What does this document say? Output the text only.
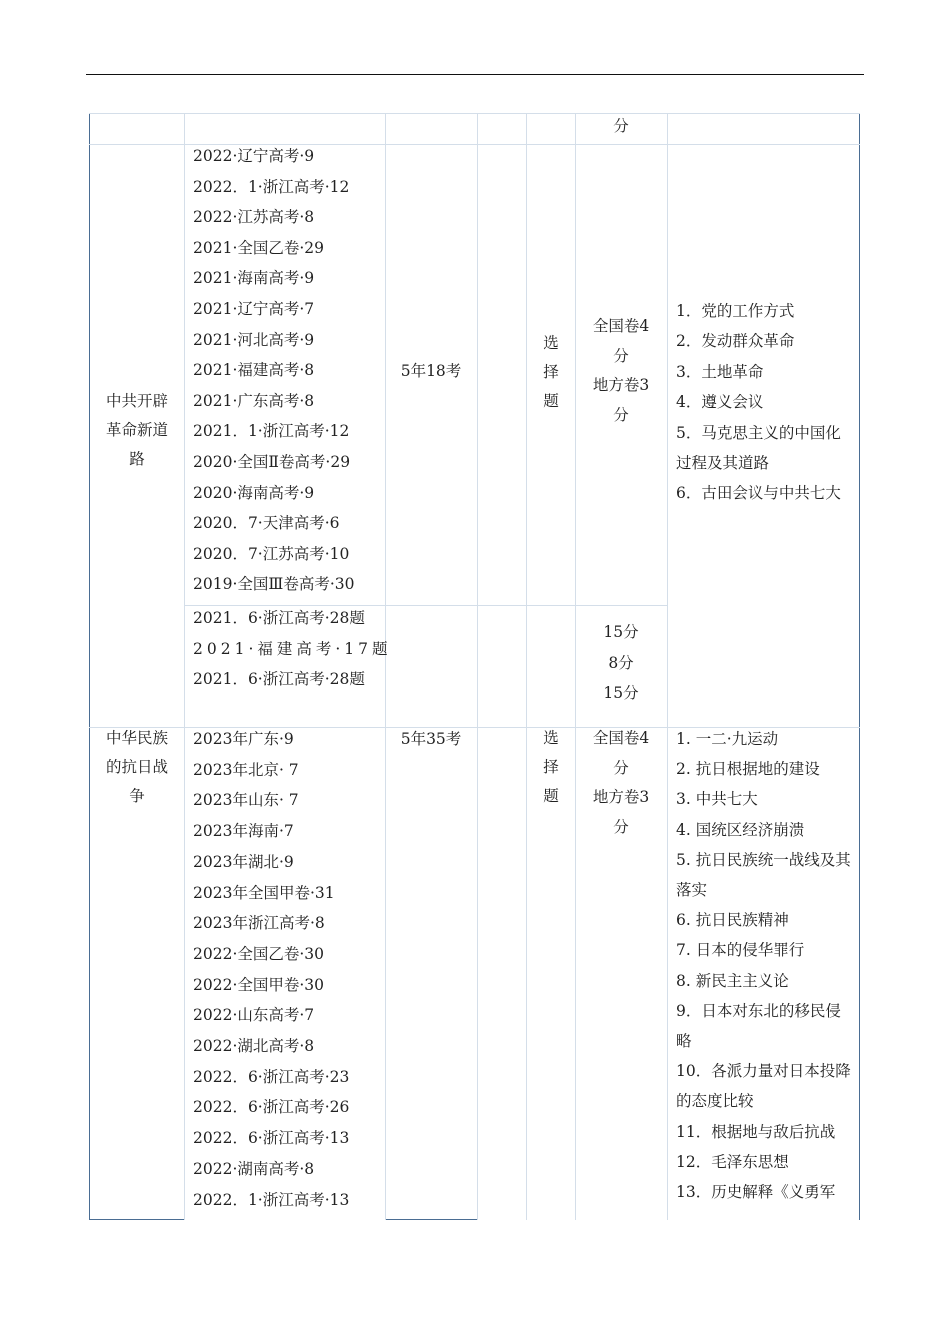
分
中共开辟革命新道路
2022·辽宁高考·9
2022．1·浙江高考·12
2022·江苏高考·8
2021·全国乙卷·29
2021·海南高考·9
2021·辽宁高考·7
2021·河北高考·9
2021·福建高考·8
2021·广东高考·8
2021．1·浙江高考·12
2020·全国Ⅱ卷高考·29
2020·海南高考·9
2020．7·天津高考·6
2020．7·江苏高考·10
2019·全国Ⅲ卷高考·30
5年18考
选择题
全国卷4
分
地方卷3
分
2021．6·浙江高考·28题
2021·福建高考·17题
2021．6·浙江高考·28题
15分
8分
15分
1．党的工作方式
2．发动群众革命
3．土地革命
4．遵义会议
5．马克思主义的中国化过程及其道路
6．古田会议与中共七大
中华民族的抗日战争
2023年广东·9
2023年北京· 7
2023年山东· 7
2023年海南·7
2023年湖北·9
2023年全国甲卷·31
2023年浙江高考·8
2022·全国乙卷·30
2022·全国甲卷·30
2022·山东高考·7
2022·湖北高考·8
2022．6·浙江高考·23
2022．6·浙江高考·26
2022．6·浙江高考·13
2022·湖南高考·8
2022．1·浙江高考·13
5年35考	选择题
全国卷4
分
地方卷3
分
1. 一二·九运动
2. 抗日根据地的建设
3. 中共七大
4. 国统区经济崩溃
5. 抗日民族统一战线及其落实
6. 抗日民族精神
7. 日本的侵华罪行
8. 新民主主义论
9．日本对东北的移民侵略
10．各派力量对日本投降的态度比较
11．根据地与敌后抗战
12．毛泽东思想
13．历史解释《义勇军
